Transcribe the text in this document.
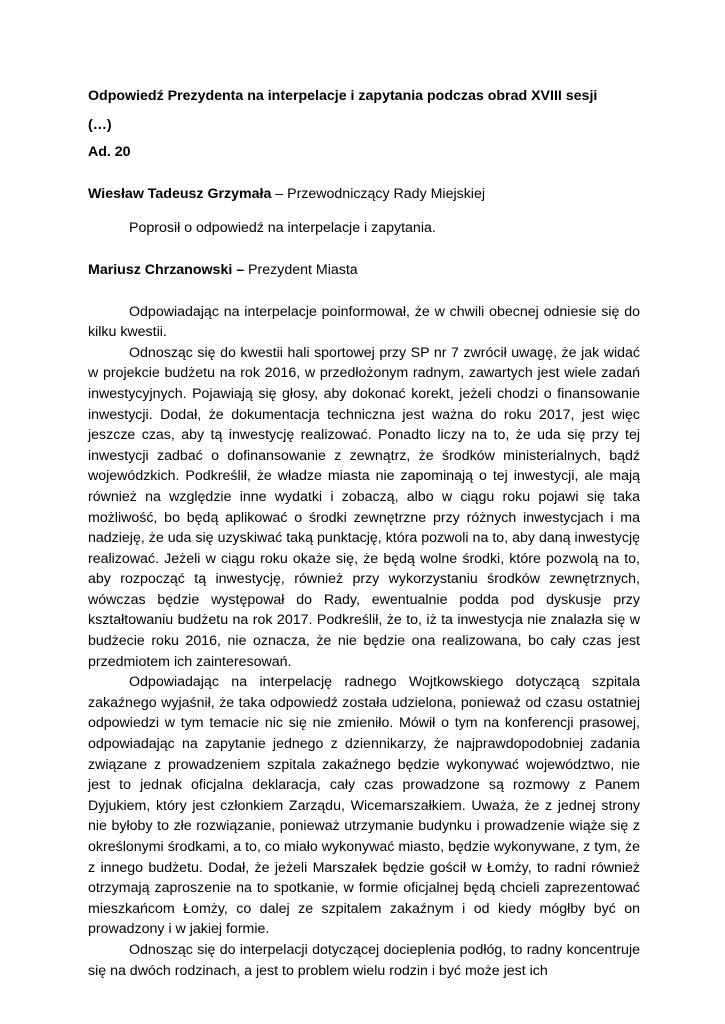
Odpowiedź Prezydenta na interpelacje i zapytania podczas obrad XVIII sesji

(…)

Ad. 20

Wiesław Tadeusz Grzymała – Przewodniczący Rady Miejskiej

Poprosił o odpowiedź na interpelacje i zapytania.

Mariusz Chrzanowski – Prezydent Miasta

Odpowiadając na interpelacje poinformował, że w chwili obecnej odniesie się do kilku kwestii.

Odnosząc się do kwestii hali sportowej przy SP nr 7 zwrócił uwagę, że jak widać w projekcie budżetu na rok 2016, w przedłożonym radnym, zawartych jest wiele zadań inwestycyjnych. Pojawiają się głosy, aby dokonać korekt, jeżeli chodzi o finansowanie inwestycji. Dodał, że dokumentacja techniczna jest ważna do roku 2017, jest więc jeszcze czas, aby tą inwestycję realizować. Ponadto liczy na to, że uda się przy tej inwestycji zadbać o dofinansowanie z zewnątrz, że środków ministerialnych, bądź wojewódzkich. Podkreślił, że władze miasta nie zapominają o tej inwestycji, ale mają również na względzie inne wydatki i zobaczą, albo w ciągu roku pojawi się taka możliwość, bo będą aplikować o środki zewnętrzne przy różnych inwestycjach i ma nadzieję, że uda się uzyskiwać taką punktację, która pozwoli na to, aby daną inwestycję realizować. Jeżeli w ciągu roku okaże się, że będą wolne środki, które pozwolą na to, aby rozpocząć tą inwestycję, również przy wykorzystaniu środków zewnętrznych, wówczas będzie występował do Rady, ewentualnie podda pod dyskusje przy kształtowaniu budżetu na rok 2017. Podkreślił, że to, iż ta inwestycja nie znalazła się w budżecie roku 2016, nie oznacza, że nie będzie ona realizowana, bo cały czas jest przedmiotem ich zainteresowań.

Odpowiadając na interpelację radnego Wojtkowskiego dotyczącą szpitala zakaźnego wyjaśnił, że taka odpowiedź została udzielona, ponieważ od czasu ostatniej odpowiedzi w tym temacie nic się nie zmieniło. Mówił o tym na konferencji prasowej, odpowiadając na zapytanie jednego z dziennikarzy, że najprawdopodobniej zadania związane z prowadzeniem szpitala zakaźnego będzie wykonywać województwo, nie jest to jednak oficjalna deklaracja, cały czas prowadzone są rozmowy z Panem Dyjukiem, który jest członkiem Zarządu, Wicemarszałkiem. Uważa, że z jednej strony nie byłoby to złe rozwiązanie, ponieważ utrzymanie budynku i prowadzenie wiąże się z określonymi środkami, a to, co miało wykonywać miasto, będzie wykonywane, z tym, że z innego budżetu. Dodał, że jeżeli Marszałek będzie gościł w Łomży, to radni również otrzymają zaproszenie na to spotkanie, w formie oficjalnej będą chcieli zaprezentować mieszkańcom Łomży, co dalej ze szpitalem zakaźnym i od kiedy mógłby być on prowadzony i w jakiej formie.

Odnosząc się do interpelacji dotyczącej docieplenia podłóg, to radny koncentruje się na dwóch rodzinach, a jest to problem wielu rodzin i być może jest ich
